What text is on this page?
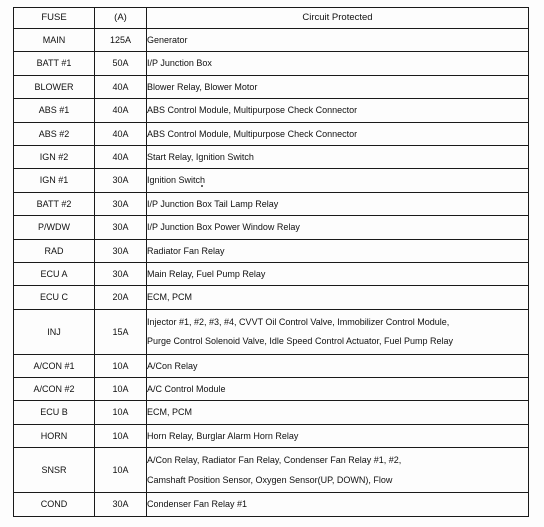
FUSE	(A)	Circuit Protected
MAIN	125A	Generator

BATT #1	50A	I/P Junction Box

BLOWER	40A	Blower Relay, Blower Motor

ABS #1	40A	ABS Control Module, Multipurpose Check Connector

ABS #2	40A	ABS Control Module, Multipurpose Check Connector

IGN #2	40A	Start Relay, Ignition Switch

IGN #1	30A	Ignition Switch

BATT #2	30A	I/P Junction Box Tail Lamp Relay

P/WDW	30A	I/P Junction Box Power Window Relay

RAD	30A	Radiator Fan Relay

ECU A	30A	Main Relay, Fuel Pump Relay

ECU C	20A	ECM, PCM

INJ	15A	Injector #1, #2, #3, #4, CVVT Oil Control Valve, Immobilizer Control Module,
Purge Control Solenoid Valve, Idle Speed Control Actuator, Fuel Pump Relay

A/CON #1	10A	A/Con Relay

A/CON #2	10A	A/C Control Module

ECU B	10A	ECM, PCM

HORN	10A	Horn Relay, Burglar Alarm Horn Relay

SNSR	10A	A/Con Relay, Radiator Fan Relay, Condenser Fan Relay #1, #2,
Camshaft Position Sensor, Oxygen Sensor(UP, DOWN), Flow

COND	30A	Condenser Fan Relay #1
